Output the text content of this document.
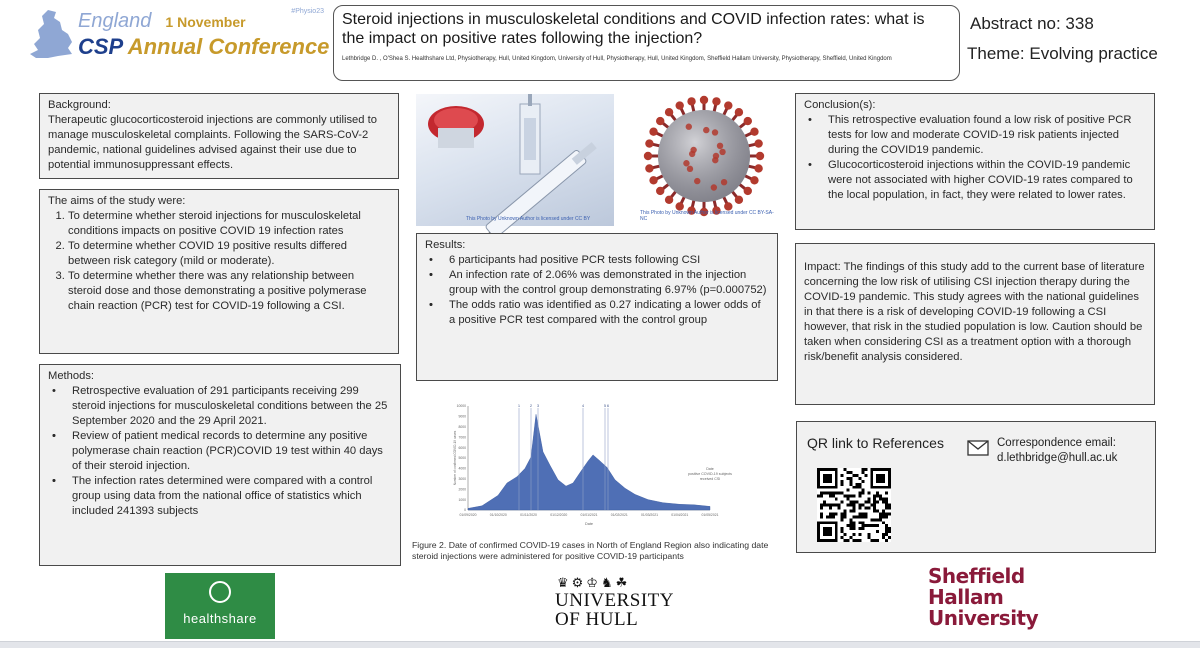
England 1 November
#Physio23
CSP Annual Conference
Steroid injections in musculoskeletal conditions and COVID infection rates: what is the impact on positive rates following the injection?
Lethbridge D. , O'Shea S. Healthshare Ltd, Physiotherapy, Hull, United Kingdom, University of Hull, Physiotherapy, Hull, United Kingdom, Sheffield Hallam University, Physiotherapy, Sheffield, United Kingdom
Abstract no: 338
Theme: Evolving practice
Background:
Therapeutic glucocorticosteroid injections are commonly utilised to manage musculoskeletal complaints. Following the SARS-CoV-2 pandemic, national guidelines advised against their use due to potential immunosuppressant effects.
The aims of the study were:
1. To determine whether steroid injections for musculoskeletal conditions impacts on positive COVID 19 infection rates
2. To determine whether COVID 19 positive results differed between risk category (mild or moderate).
3. To determine whether there was any relationship between steroid dose and those demonstrating a positive polymerase chain reaction (PCR) test for COVID-19 following a CSI.
Methods:
• Retrospective evaluation of 291 participants receiving 299 steroid injections for musculoskeletal conditions between the 25 September 2020 and the 29 April 2021.
• Review of patient medical records to determine any positive polymerase chain reaction (PCR)COVID 19 test within 40 days of their steroid injection.
• The infection rates determined were compared with a control group using data from the national office of statistics which included 241393 subjects
This Photo by Unknown Author is licensed under CC BY
This Photo by Unknown Author is licensed under CC BY-SA-NC
Results:
• 6 participants had positive PCR tests following CSI
• An infection rate of 2.06% was demonstrated in the injection group with the control group demonstrating 6.97% (p=0.000752)
• The odds ratio was identified as 0.27 indicating a lower odds of a positive PCR test compared with the control group
0
1000
2000
3000
4000
5000
6000
7000
8000
9000
10000
01/09/2020	01/10/2020	01/11/2020	01/12/2020	01/01/2021	01/02/2021	01/03/2021	01/04/2021	01/05/2021
1 2 3	4	5 6
Number of confirmed COVID-19 cases
Date
Date
positive COVID-19 subjects
received CSI
Figure 2. Date of confirmed COVID-19 cases in North of England Region also indicating date steroid injections were administered for positive COVID-19 participants
Conclusion(s):
• This retrospective evaluation found a low risk of positive PCR tests for low and moderate COVID-19 risk patients injected during the COVID19 pandemic.
• Glucocorticosteroid injections within the COVID-19 pandemic were not associated with higher COVID-19 rates compared to the local population, in fact, they were related to lower rates.
Impact: The findings of this study add to the current base of literature concerning the low risk of utilising CSI injection therapy during the COVID-19 pandemic. This study agrees with the national guidelines in that there is a risk of developing COVID-19 following a CSI however, that risk in the studied population is low. Caution should be taken when considering CSI as a treatment option with a thorough risk/benefit analysis considered.
QR link to References	Correspondence email:
d.lethbridge@hull.ac.uk
healthshare
♛⚙♔♞☘
UNIVERSITY
OF HULL
Sheffield
Hallam
University
